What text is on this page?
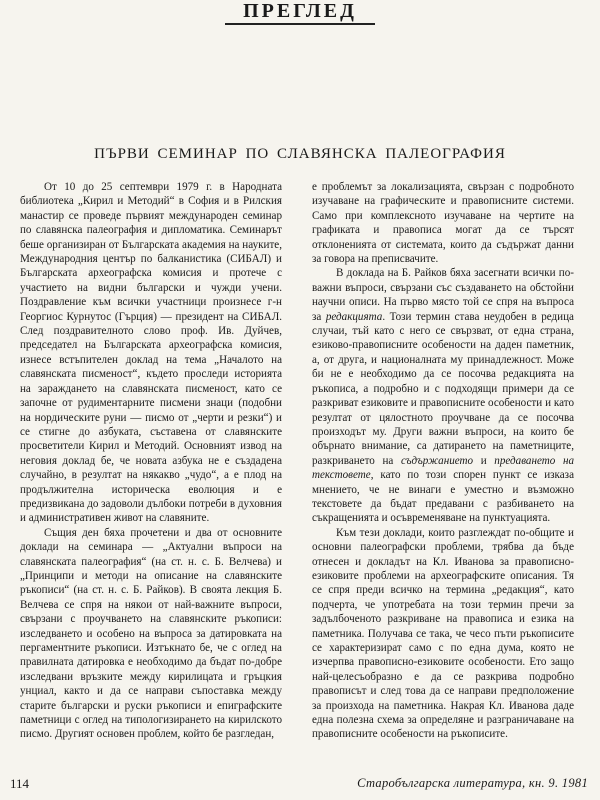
ПРЕГЛЕД
ПЪРВИ СЕМИНАР ПО СЛАВЯНСКА ПАЛЕОГРАФИЯ

От 10 до 25 септември 1979 г. в Народната библиотека „Кирил и Методий“ в София и в Рилския манастир се проведе първият международен семинар по славянска палеография и дипломатика. Семинарът беше организиран от Българската академия на науките, Международния център по балканистика (СИБАЛ) и Българската археографска комисия и протече с участието на видни български и чужди учени. Поздравление към всички участници произнесе г-н Георгиос Курнутос (Гърция) — президент на СИБАЛ. След поздравителното слово проф. Ив. Дуйчев, председател на Българската археографска комисия, изнесе встъпителен доклад на тема „Началото на славянската писменост“, където проследи историята на зараждането на славянската писменост, като се започне от рудиментарните писмени знаци (подобни на нордическите руни — писмо от „черти и резки“) и се стигне до азбуката, съставена от славянските просветители Кирил и Методий. Основният извод на неговия доклад бе, че новата азбука не е създадена случайно, в резултат на някакво „чудо“, а е плод на продължителна историческа еволюция и е предизвикана до задоволи дълбоки потреби в духовния и административен живот на славяните.

Същия ден бяха прочетени и два от основните доклади на семинара — „Актуални въпроси на славянската палеография“ (на ст. н. с. Б. Велчева) и „Принципи и методи на описание на славянските ръкописи“ (на ст. н. с. Б. Райков). В своята лекция Б. Велчева се спря на някои от най-важните въпроси, свързани с проучването на славянските ръкописи: изследването и особено на въпроса за датировката на пергаментните ръкописи. Изтъкнато бе, че с оглед на правилната датировка е необходимо да бъдат по-добре изследвани връзките между кирилицата и гръцкия унциал, както и да се направи съпоставка между старите български и руски ръкописи и епиграфските паметници с оглед на типологизирането на кирилското писмо. Другият основен проблем, който бе разгледан,

е проблемът за локализацията, свързан с подробното изучаване на графическите и правописните системи. Само при комплексното изучаване на чертите на графиката и правописа могат да се търсят отклоненията от системата, които да съдържат данни за говора на преписвачите.

В доклада на Б. Райков бяха засегнати всички по-важни въпроси, свързани със създаването на обстойни научни описи. На първо място той се спря на въпроса за редакцията. Този термин става неудобен в редица случаи, тъй като с него се свързват, от една страна, езиково-правописните особености на даден паметник, а, от друга, и националната му принадлежност. Може би не е необходимо да се посочва редакцията на ръкописа, а подробно и с подходящи примери да се разкриват езиковите и правописните особености и като резултат от цялостното проучване да се посочва произходът му. Други важни въпроси, на които бе обърнато внимание, са датирането на паметниците, разкриването на съдържанието и предаването на текстовете, като по този спорен пункт се изказа мнението, че не винаги е уместно и възможно текстовете да бъдат предавани с разбиването на съкращенията и осъвременяване на пунктуацията.

Към тези доклади, които разглеждат по-общите и основни палеографски проблеми, трябва да бъде отнесен и докладът на Кл. Иванова за правописно-езиковите проблеми на археографските описания. Тя се спря преди всичко на термина „редакция“, като подчерта, че употребата на този термин пречи за задълбоченото разкриване на правописа и езика на паметника. Получава се така, че чесо пъти ръкописите се характеризират само с по една дума, която не изчерпва правописно-езиковите особености. Ето защо най-целесъобразно е да се разкрива подробно правописът и след това да се направи предположение за произхода на паметника. Накрая Кл. Иванова даде една полезна схема за определяне и разграничаване на правописните особености на ръкописите.

114	Старобългарска литература, кн. 9. 1981
